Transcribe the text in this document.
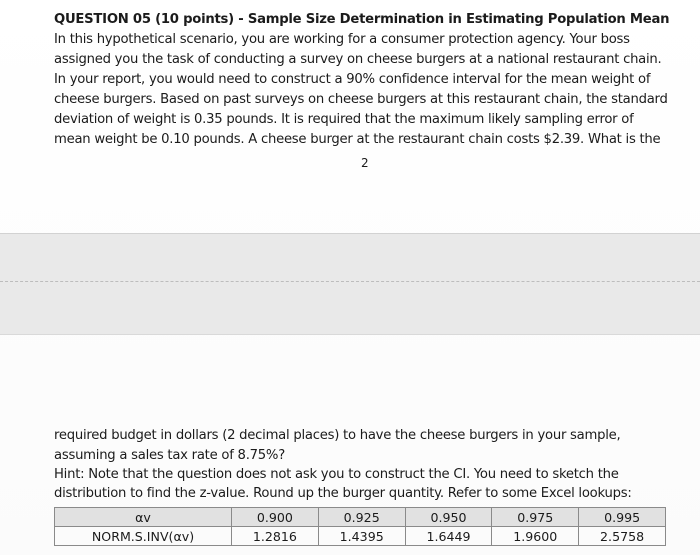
QUESTION 05 (10 points) - Sample Size Determination in Estimating Population Mean
In this hypothetical scenario, you are working for a consumer protection agency. Your boss
assigned you the task of conducting a survey on cheese burgers at a national restaurant chain.
In your report, you would need to construct a 90% confidence interval for the mean weight of
cheese burgers. Based on past surveys on cheese burgers at this restaurant chain, the standard
deviation of weight is 0.35 pounds. It is required that the maximum likely sampling error of
mean weight be 0.10 pounds. A cheese burger at the restaurant chain costs $2.39. What is the
2
required budget in dollars (2 decimal places) to have the cheese burgers in your sample,
assuming a sales tax rate of 8.75%?
Hint: Note that the question does not ask you to construct the CI. You need to sketch the
distribution to find the z-value. Round up the burger quantity. Refer to some Excel lookups:
αv	0.900	0.925	0.950	0.975	0.995
NORM.S.INV(αv)	1.2816	1.4395	1.6449	1.9600	2.5758
